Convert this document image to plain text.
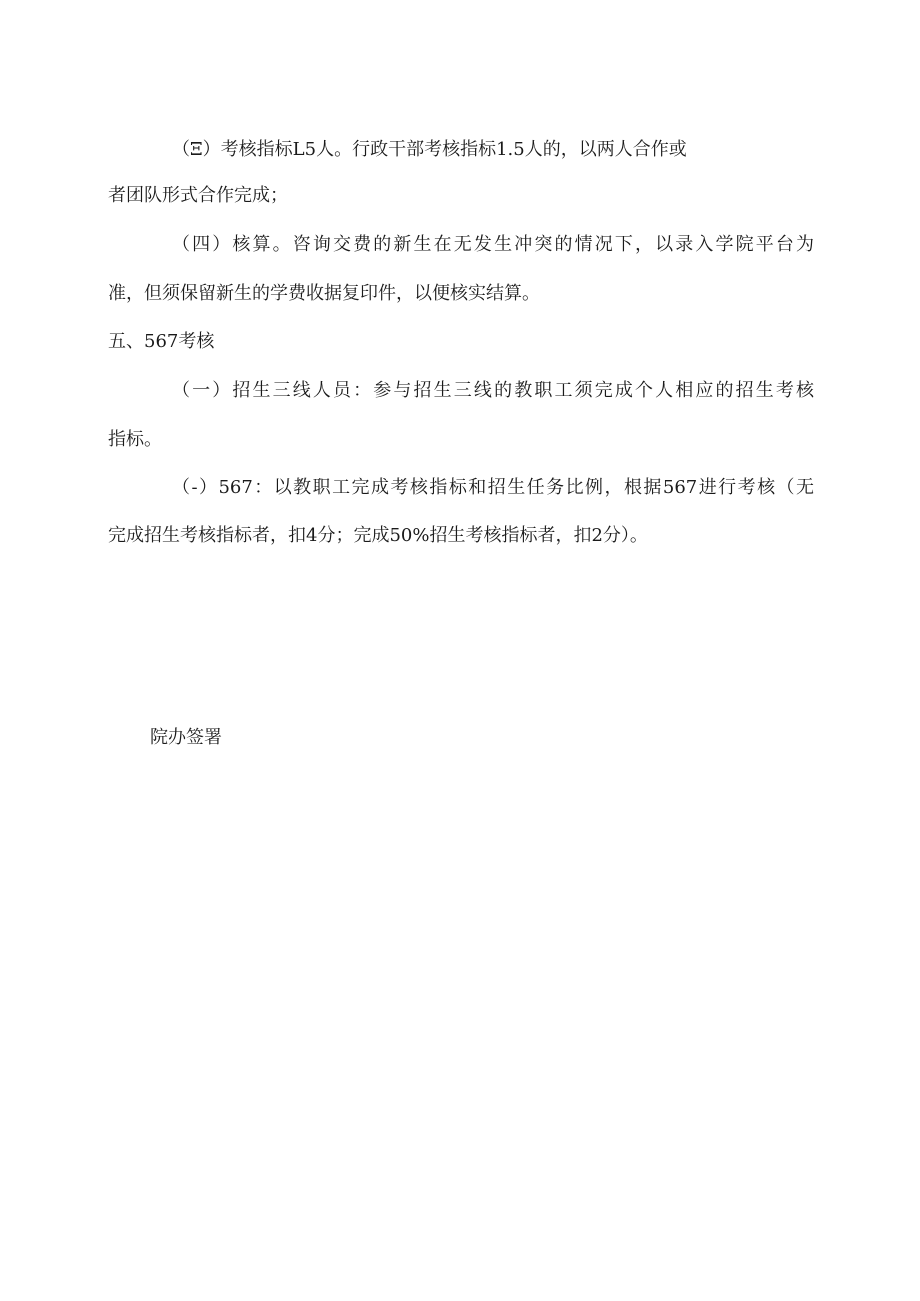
（Ξ）考核指标L5人。行政干部考核指标1.5人的，以两人合作或
者团队形式合作完成；
（四）核算。咨询交费的新生在无发生冲突的情况下，以录入学院平台为
准，但须保留新生的学费收据复印件，以便核实结算。
五、567考核
（一）招生三线人员：参与招生三线的教职工须完成个人相应的招生考核
指标。
（-）567：以教职工完成考核指标和招生任务比例，根据567进行考核（无
完成招生考核指标者，扣4分；完成50%招生考核指标者，扣2分）。
院办签署
